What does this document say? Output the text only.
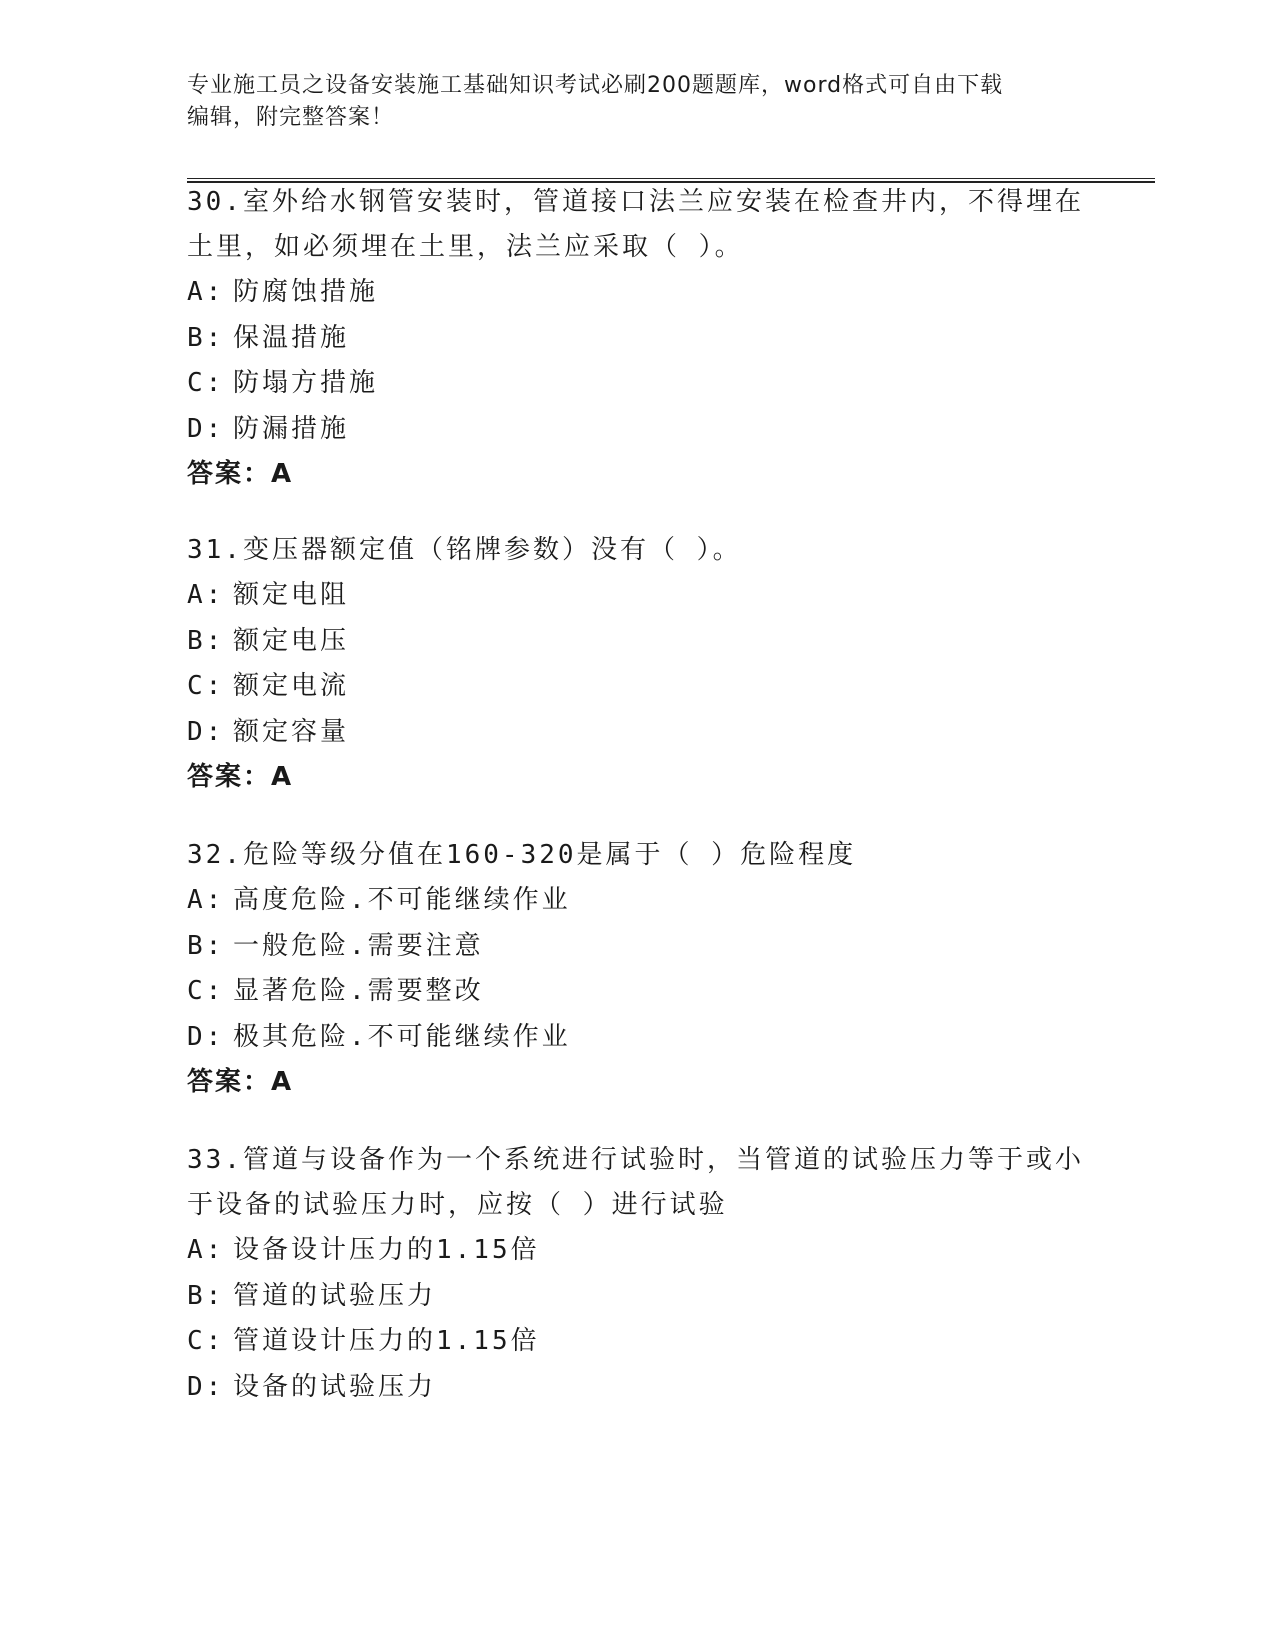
专业施工员之设备安装施工基础知识考试必刷200题题库，word格式可自由下载
编辑，附完整答案！
30.室外给水钢管安装时，管道接口法兰应安装在检查井内，不得埋在
土里，如必须埋在土里，法兰应采取（ ）。
A: 防腐蚀措施
B: 保温措施
C: 防塌方措施
D: 防漏措施
答案：A
31.变压器额定值（铭牌参数）没有（ ）。
A: 额定电阻
B: 额定电压
C: 额定电流
D: 额定容量
答案：A
32.危险等级分值在160-320是属于（ ）危险程度
A: 高度危险.不可能继续作业
B: 一般危险.需要注意
C: 显著危险.需要整改
D: 极其危险.不可能继续作业
答案：A
33.管道与设备作为一个系统进行试验时，当管道的试验压力等于或小
于设备的试验压力时，应按（ ）进行试验
A: 设备设计压力的1.15倍
B: 管道的试验压力
C: 管道设计压力的1.15倍
D: 设备的试验压力
